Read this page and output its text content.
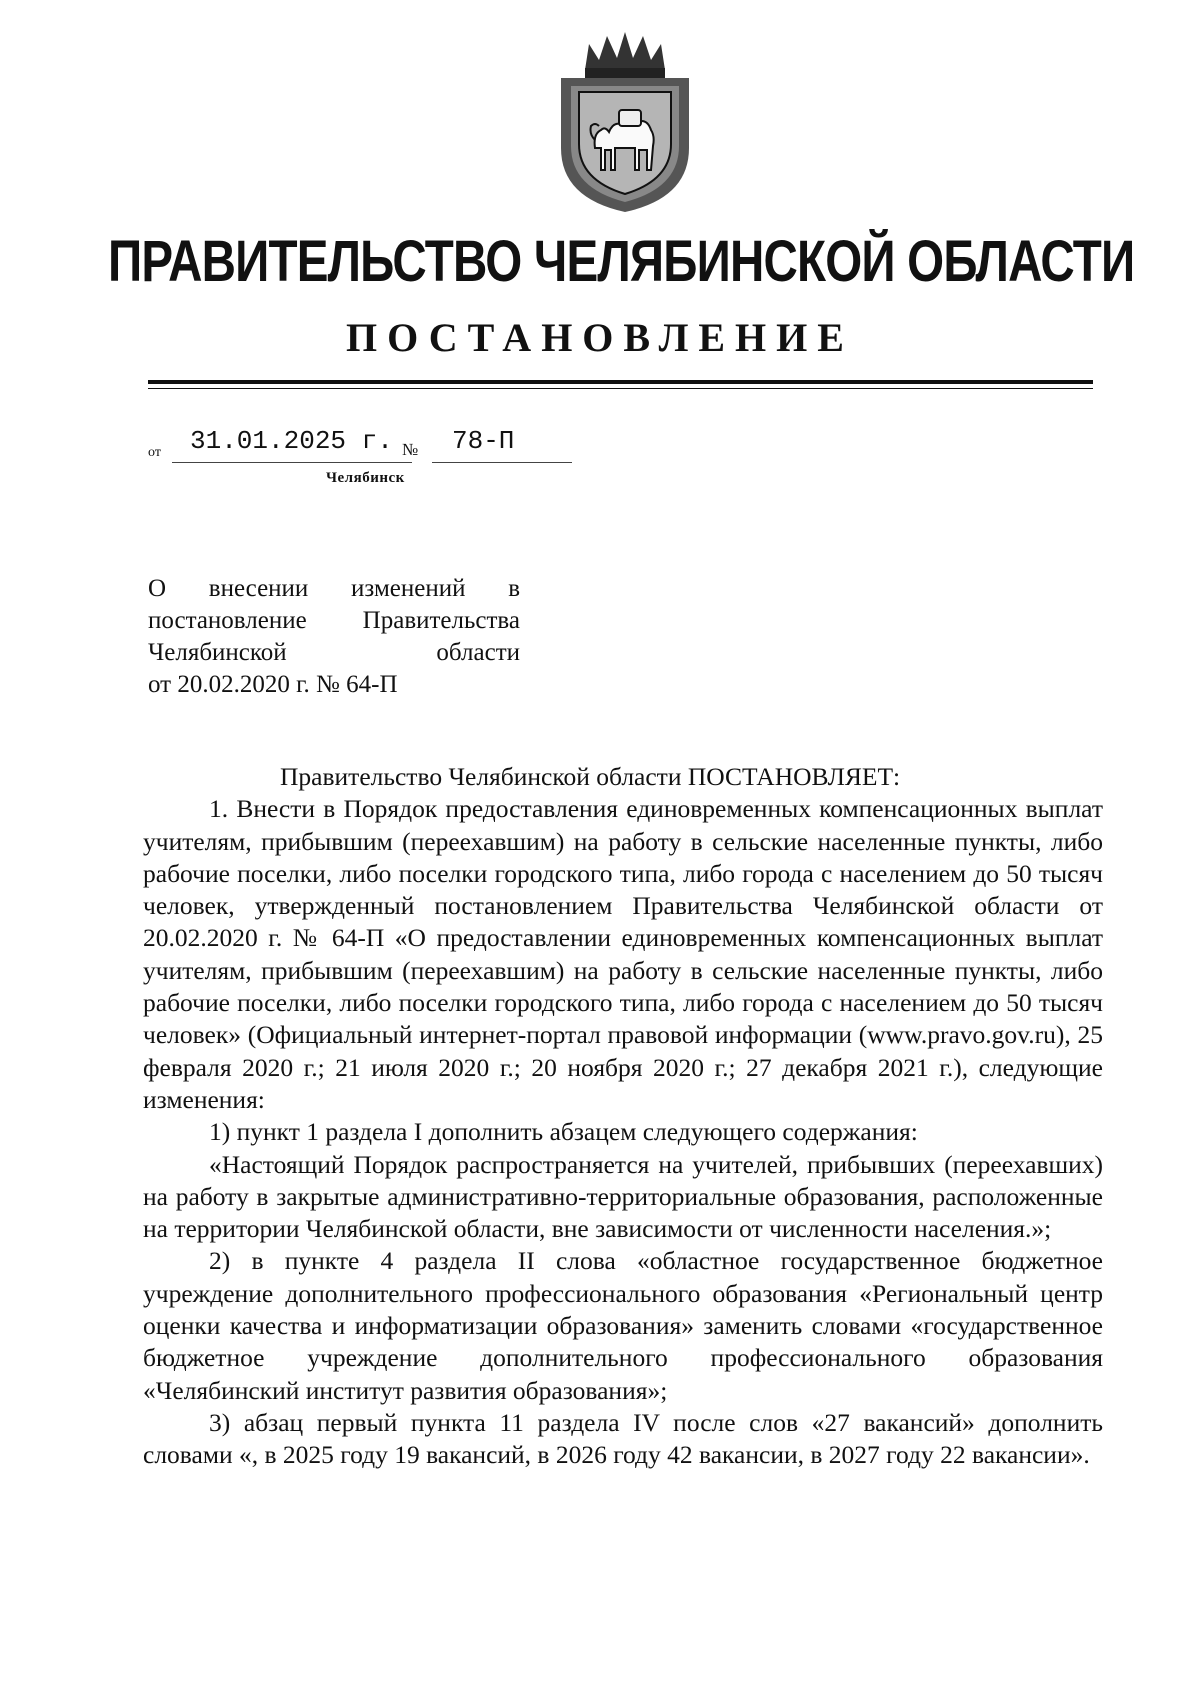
ПРАВИТЕЛЬСТВО ЧЕЛЯБИНСКОЙ ОБЛАСТИ
ПОСТАНОВЛЕНИЕ
от 31.01.2025 г. № 78-П
Челябинск
О внесении изменений в
постановление Правительства
Челябинской области
от 20.02.2020 г. № 64-П

Правительство Челябинской области ПОСТАНОВЛЯЕТ:

1. Внести в Порядок предоставления единовременных компенсационных выплат учителям, прибывшим (переехавшим) на работу в сельские населенные пункты, либо рабочие поселки, либо поселки городского типа, либо города с населением до 50 тысяч человек, утвержденный постановлением Правительства Челябинской области от 20.02.2020 г. № 64-П «О предоставлении единовременных компенсационных выплат учителям, прибывшим (переехавшим) на работу в сельские населенные пункты, либо рабочие поселки, либо поселки городского типа, либо города с населением до 50 тысяч человек» (Официальный интернет-портал правовой информации (www.pravo.gov.ru), 25 февраля 2020 г.; 21 июля 2020 г.; 20 ноября 2020 г.; 27 декабря 2021 г.), следующие изменения:

1) пункт 1 раздела I дополнить абзацем следующего содержания:

«Настоящий Порядок распространяется на учителей, прибывших (переехавших) на работу в закрытые административно-территориальные образования, расположенные на территории Челябинской области, вне зависимости от численности населения.»;

2) в пункте 4 раздела II слова «областное государственное бюджетное учреждение дополнительного профессионального образования «Региональный центр оценки качества и информатизации образования» заменить словами «государственное бюджетное учреждение дополнительного профессионального образования «Челябинский институт развития образования»;

3) абзац первый пункта 11 раздела IV после слов «27 вакансий» дополнить словами «, в 2025 году 19 вакансий, в 2026 году 42 вакансии, в 2027 году 22 вакансии».
